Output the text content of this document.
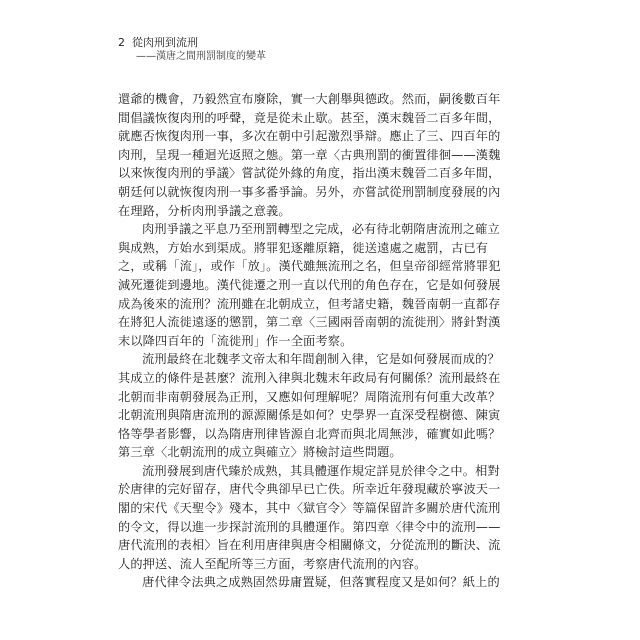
2 從肉刑到流刑
——漢唐之間刑罰制度的變革
還爺的機會，乃毅然宣布廢除，實一大創舉與德政。然而，嗣後數百年
間倡議恢復肉刑的呼聲，竟是從未止歇。甚至，漢末魏晉二百多年間，
就應否恢復肉刑一事，多次在朝中引起激烈爭辯。應止了三、四百年的
肉刑，呈現一種迴光返照之態。第一章〈古典刑罰的衝置徘徊——漢魏
以來恢復肉刑的爭議〉嘗試從外緣的角度，指出漢末魏晉二百多年間，
朝廷何以就恢復肉刑一事多番爭論。另外，亦嘗試從刑罰制度發展的內
在理路，分析肉刑爭議之意義。
肉刑爭議之平息乃至刑罰轉型之完成，必有待北朝隋唐流刑之確立
與成熟，方始水到渠成。將罪犯逐離原籍，徙送遠處之處罰，古已有
之，或稱「流」，或作「放」。漢代雖無流刑之名，但皇帝卻經常將罪犯
減死遷徙到邊地。漢代徙遷之刑一直以代刑的角色存在，它是如何發展
成為後來的流刑？流刑雖在北朝成立，但考諸史籍，魏晉南朝一直都存
在將犯人流徙遠逐的懲罰，第二章〈三國兩晉南朝的流徙刑〉將針對漢
末以降四百年的「流徙刑」作一全面考察。
流刑最終在北魏孝文帝太和年間創制入律，它是如何發展而成的？
其成立的條件是甚麼？流刑入律與北魏末年政局有何關係？流刑最終在
北朝而非南朝發展為正刑，又應如何理解呢？周隋流刑有何重大改革？
北朝流刑與隋唐流刑的源源關係是如何？史學界一直深受程樹德、陳寅
恪等學者影響，以為隋唐刑律皆源自北齊而與北周無涉，確實如此嗎？
第三章〈北朝流刑的成立與確立〉將檢討這些問題。
流刑發展到唐代臻於成熟，其具體運作規定詳見於律令之中。相對
於唐律的完好留存，唐代令典卻早已亡佚。所幸近年發現藏於寧波天一
閣的宋代《天聖令》殘本，其中〈獄官令〉等篇保留許多關於唐代流刑
的令文，得以進一步探討流刑的具體運作。第四章〈律令中的流刑——
唐代流刑的表相〉旨在利用唐律與唐令相關條文，分從流刑的斷決、流
人的押送、流人至配所等三方面，考察唐代流刑的內容。
唐代律令法典之成熟固然毋庸置疑，但落實程度又是如何？紙上的
